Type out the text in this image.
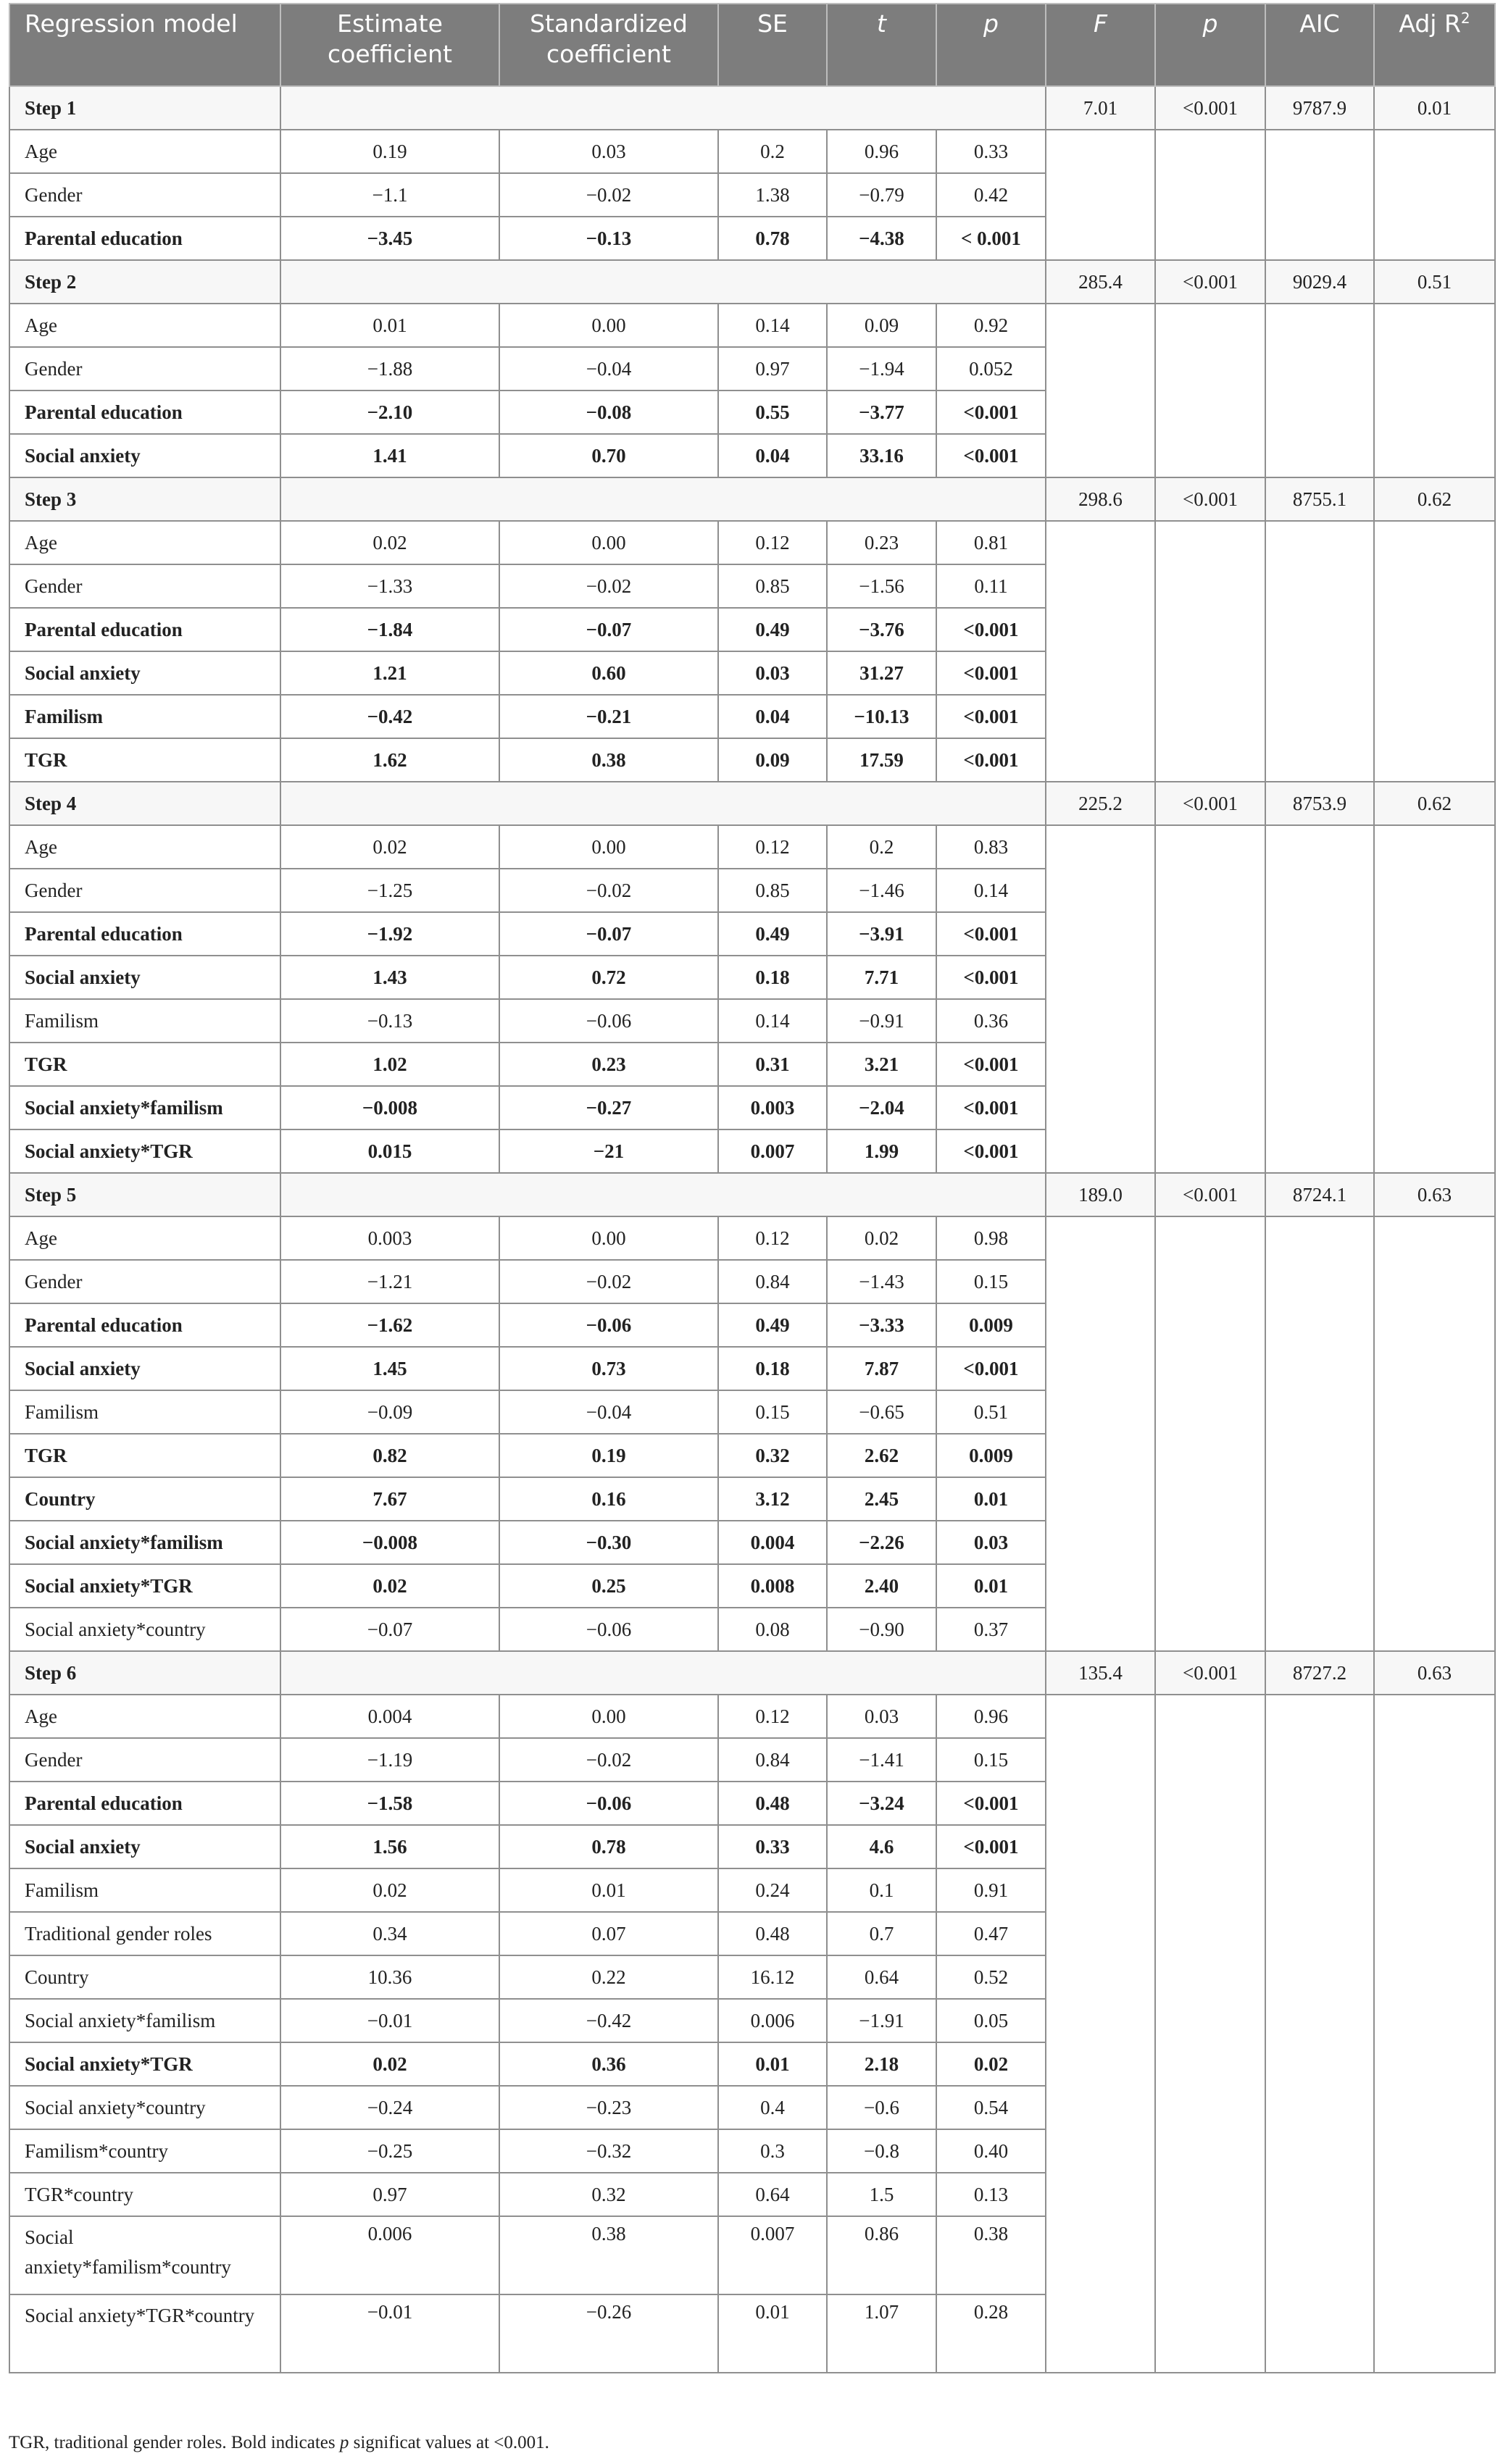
Regression model	Estimate coefficient	Standardized coefficient	SE	t	p	F	p	AIC	Adj $R^2$
Step 1						7.01	<0.001	9787.9	0.01
Age	0.19	0.03	0.2	0.96	0.33				
Gender	−1.1	−0.02	1.38	−0.79	0.42				
Parental education	−3.45	−0.13	0.78	−4.38	< 0.001				
Step 2						285.4	<0.001	9029.4	0.51
Age	0.01	0.00	0.14	0.09	0.92				
Gender	−1.88	−0.04	0.97	−1.94	0.052				
Parental education	−2.10	−0.08	0.55	−3.77	<0.001				
Social anxiety	1.41	0.70	0.04	33.16	<0.001				
Step 3						298.6	<0.001	8755.1	0.62
Age	0.02	0.00	0.12	0.23	0.81				
Gender	−1.33	−0.02	0.85	−1.56	0.11				
Parental education	−1.84	−0.07	0.49	−3.76	<0.001				
Social anxiety	1.21	0.60	0.03	31.27	<0.001				
Familism	−0.42	−0.21	0.04	−10.13	<0.001				
TGR	1.62	0.38	0.09	17.59	<0.001				
Step 4						225.2	<0.001	8753.9	0.62
Age	0.02	0.00	0.12	0.2	0.83				
Gender	−1.25	−0.02	0.85	−1.46	0.14				
Parental education	−1.92	−0.07	0.49	−3.91	<0.001				
Social anxiety	1.43	0.72	0.18	7.71	<0.001				
Familism	−0.13	−0.06	0.14	−0.91	0.36				
TGR	1.02	0.23	0.31	3.21	<0.001				
Social anxiety*familism	−0.008	−0.27	0.003	−2.04	<0.001				
Social anxiety*TGR	0.015	−21	0.007	1.99	<0.001				
Step 5						189.0	<0.001	8724.1	0.63
Age	0.003	0.00	0.12	0.02	0.98				
Gender	−1.21	−0.02	0.84	−1.43	0.15				
Parental education	−1.62	−0.06	0.49	−3.33	0.009				
Social anxiety	1.45	0.73	0.18	7.87	<0.001				
Familism	−0.09	−0.04	0.15	−0.65	0.51				
TGR	0.82	0.19	0.32	2.62	0.009				
Country	7.67	0.16	3.12	2.45	0.01				
Social anxiety*familism	−0.008	−0.30	0.004	−2.26	0.03				
Social anxiety*TGR	0.02	0.25	0.008	2.40	0.01				
Social anxiety*country	−0.07	−0.06	0.08	−0.90	0.37				
Step 6						135.4	<0.001	8727.2	0.63
Age	0.004	0.00	0.12	0.03	0.96				
Gender	−1.19	−0.02	0.84	−1.41	0.15				
Parental education	−1.58	−0.06	0.48	−3.24	<0.001				
Social anxiety	1.56	0.78	0.33	4.6	<0.001				
Familism	0.02	0.01	0.24	0.1	0.91				
Traditional gender roles	0.34	0.07	0.48	0.7	0.47				
Country	10.36	0.22	16.12	0.64	0.52				
Social anxiety*familism	−0.01	−0.42	0.006	−1.91	0.05				
Social anxiety*TGR	0.02	0.36	0.01	2.18	0.02				
Social anxiety*country	−0.24	−0.23	0.4	−0.6	0.54				
Familism*country	−0.25	−0.32	0.3	−0.8	0.40				
TGR*country	0.97	0.32	0.64	1.5	0.13				
Social anxiety*familism*country	0.006	0.38	0.007	0.86	0.38				
Social anxiety*TGR*country	−0.01	−0.26	0.01	1.07	0.28				
TGR, traditional gender roles. Bold indicates p significat values at <0.001.
